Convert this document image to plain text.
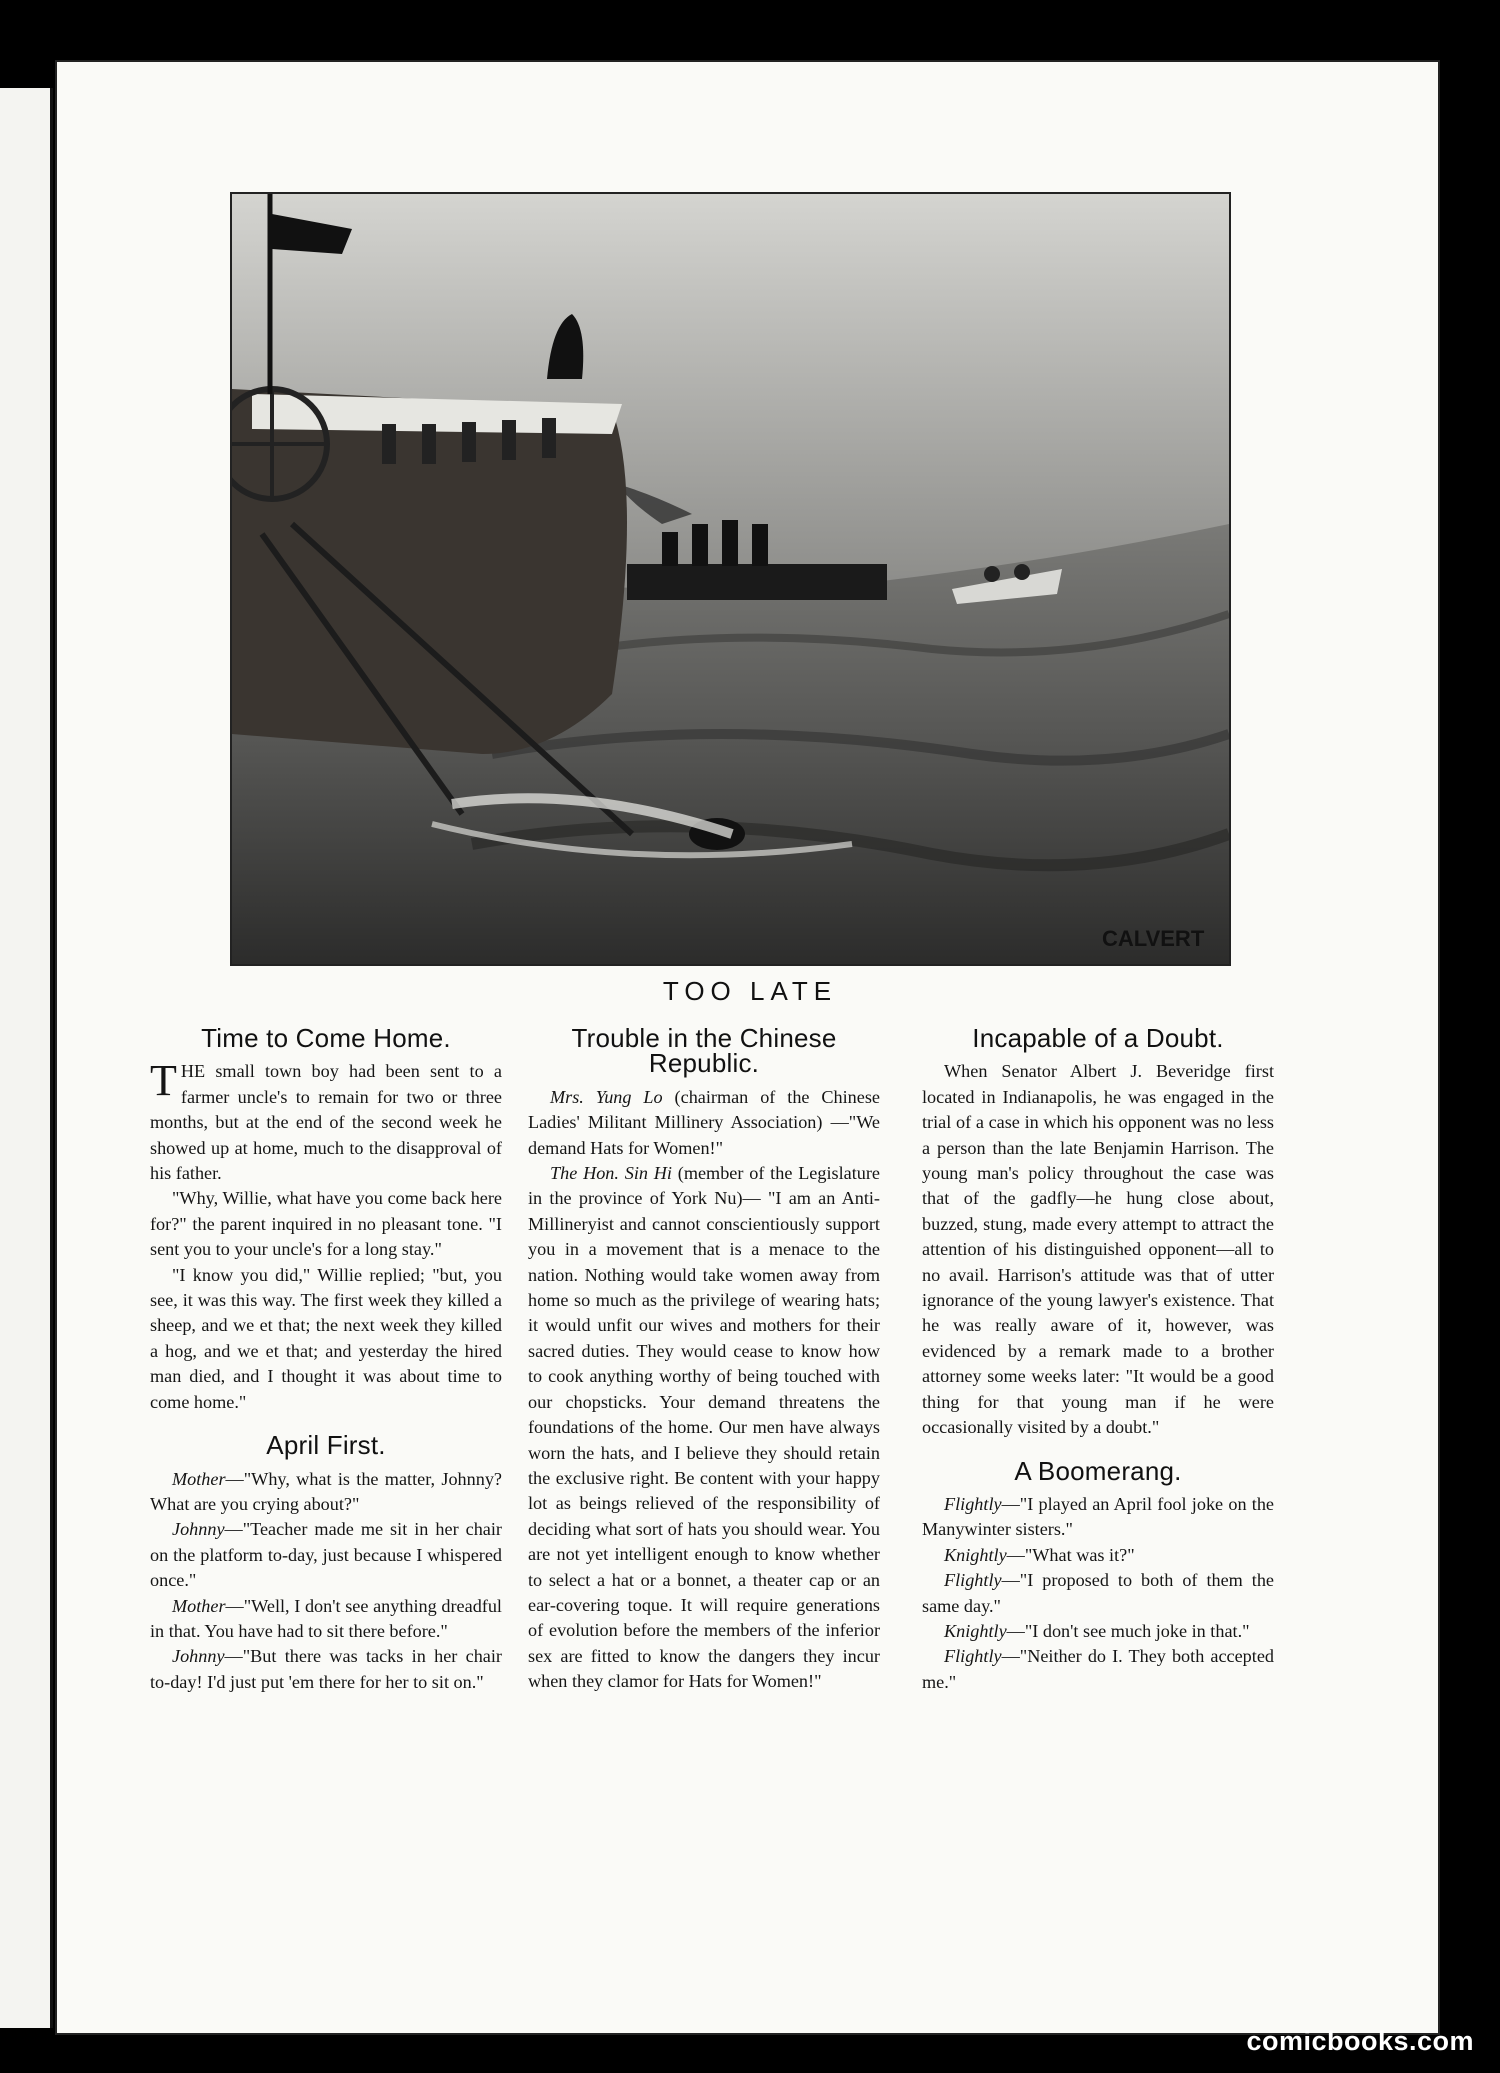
CALVERT
TOO LATE
Time to Come Home.

THE small town boy had been sent to a farmer uncle's to remain for two or three months, but at the end of the second week he showed up at home, much to the disapproval of his father.

"Why, Willie, what have you come back here for?" the parent inquired in no pleasant tone. "I sent you to your uncle's for a long stay."

"I know you did," Willie replied; "but, you see, it was this way. The first week they killed a sheep, and we et that; the next week they killed a hog, and we et that; and yesterday the hired man died, and I thought it was about time to come home."

April First.

Mother—"Why, what is the matter, Johnny? What are you crying about?"

Johnny—"Teacher made me sit in her chair on the platform to-day, just because I whispered once."

Mother—"Well, I don't see anything dreadful in that. You have had to sit there before."

Johnny—"But there was tacks in her chair to-day! I'd just put 'em there for her to sit on."

Trouble in the Chinese Republic.

Mrs. Yung Lo (chairman of the Chinese Ladies' Militant Millinery Association) —"We demand Hats for Women!"

The Hon. Sin Hi (member of the Legislature in the province of York Nu)— "I am an Anti-Millineryist and cannot conscientiously support you in a movement that is a menace to the nation. Nothing would take women away from home so much as the privilege of wearing hats; it would unfit our wives and mothers for their sacred duties. They would cease to know how to cook anything worthy of being touched with our chopsticks. Your demand threatens the foundations of the home. Our men have always worn the hats, and I believe they should retain the exclusive right. Be content with your happy lot as beings relieved of the responsibility of deciding what sort of hats you should wear. You are not yet intelligent enough to know whether to select a hat or a bonnet, a theater cap or an ear-covering toque. It will require generations of evolution before the members of the inferior sex are fitted to know the dangers they incur when they clamor for Hats for Women!"

Incapable of a Doubt.

When Senator Albert J. Beveridge first located in Indianapolis, he was engaged in the trial of a case in which his opponent was no less a person than the late Benjamin Harrison. The young man's policy throughout the case was that of the gadfly—he hung close about, buzzed, stung, made every attempt to attract the attention of his distinguished opponent—all to no avail. Harrison's attitude was that of utter ignorance of the young lawyer's existence. That he was really aware of it, however, was evidenced by a remark made to a brother attorney some weeks later: "It would be a good thing for that young man if he were occasionally visited by a doubt."

A Boomerang.

Flightly—"I played an April fool joke on the Manywinter sisters."

Knightly—"What was it?"

Flightly—"I proposed to both of them the same day."

Knightly—"I don't see much joke in that."

Flightly—"Neither do I. They both accepted me."

comicbooks.com
